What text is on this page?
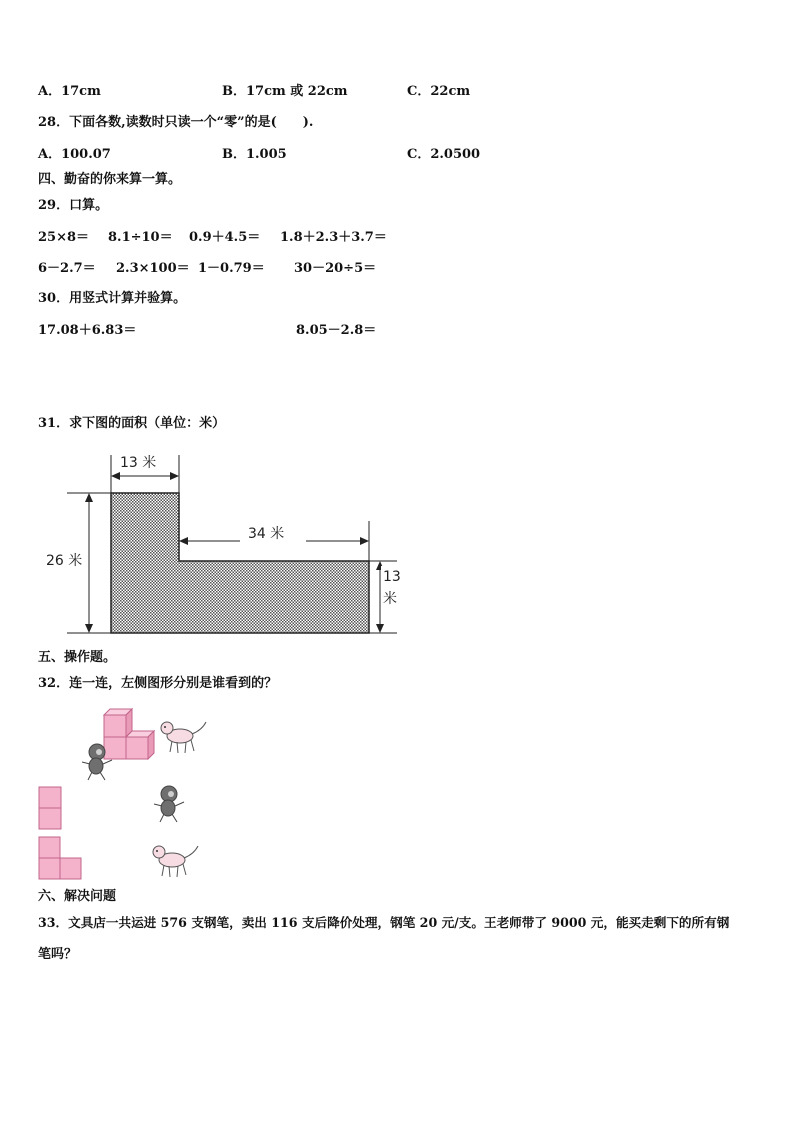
A．17cm	B．17cm 或 22cm	C．22cm
28．下面各数,读数时只读一个“零”的是(　　).
A．100.07	B．1.005	C．2.0500
四、勤奋的你来算一算。
29．口算。
25×8＝ 8.1÷10＝ 0.9＋4.5＝ 1.8＋2.3＋3.7＝
6－2.7＝ 2.3×100＝ 1－0.79＝ 30－20÷5＝
30．用竖式计算并验算。
17.08＋6.83＝	8.05－2.8＝
31．求下图的面积（单位：米）
26 米
13 米
34 米
13
米
五、操作题。
32．连一连，左侧图形分别是谁看到的？
六、解决问题
33．文具店一共运进 576 支钢笔，卖出 116 支后降价处理，钢笔 20 元/支。王老师带了 9000 元，能买走剩下的所有钢
笔吗？
